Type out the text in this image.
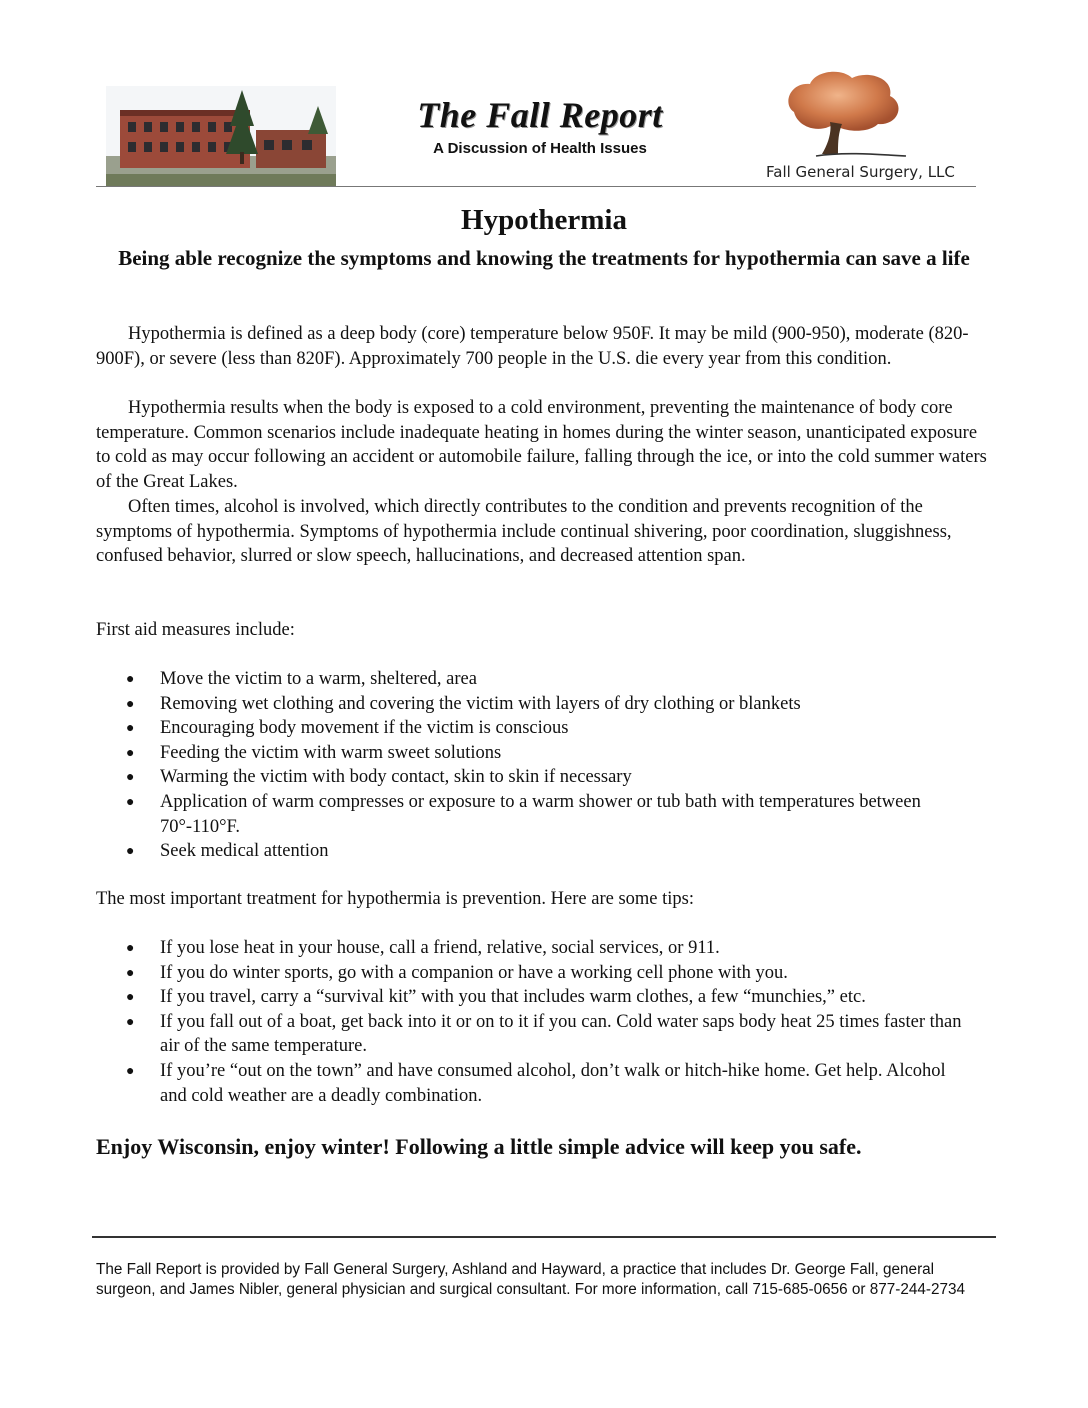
The Fall Report
A Discussion of Health Issues
Fall General Surgery, LLC
Hypothermia
Being able recognize the symptoms and knowing the treatments for hypothermia can save a life

Hypothermia is defined as a deep body (core) temperature below 950F. It may be mild (900-950), moderate (820-900F), or severe (less than 820F). Approximately 700 people in the U.S. die every year from this condition.

Hypothermia results when the body is exposed to a cold environment, preventing the maintenance of body core temperature. Common scenarios include inadequate heating in homes during the winter season, unanticipated exposure to cold as may occur following an accident or automobile failure, falling through the ice, or into the cold summer waters of the Great Lakes.

Often times, alcohol is involved, which directly contributes to the condition and prevents recognition of the symptoms of hypothermia. Symptoms of hypothermia include continual shivering, poor coordination, sluggishness, confused behavior, slurred or slow speech, hallucinations, and decreased attention span.

First aid measures include:

● Move the victim to a warm, sheltered, area
● Removing wet clothing and covering the victim with layers of dry clothing or blankets
● Encouraging body movement if the victim is conscious
● Feeding the victim with warm sweet solutions
● Warming the victim with body contact, skin to skin if necessary
● Application of warm compresses or exposure to a warm shower or tub bath with temperatures between 70°-110°F.
● Seek medical attention

The most important treatment for hypothermia is prevention. Here are some tips:

● If you lose heat in your house, call a friend, relative, social services, or 911.
● If you do winter sports, go with a companion or have a working cell phone with you.
● If you travel, carry a “survival kit” with you that includes warm clothes, a few “munchies,” etc.
● If you fall out of a boat, get back into it or on to it if you can. Cold water saps body heat 25 times faster than air of the same temperature.
● If you’re “out on the town” and have consumed alcohol, don’t walk or hitch-hike home. Get help. Alcohol and cold weather are a deadly combination.
Enjoy Wisconsin, enjoy winter! Following a little simple advice will keep you safe.
The Fall Report is provided by Fall General Surgery, Ashland and Hayward, a practice that includes Dr. George Fall, general surgeon, and James Nibler, general physician and surgical consultant. For more information, call 715-685-0656 or 877-244-2734
